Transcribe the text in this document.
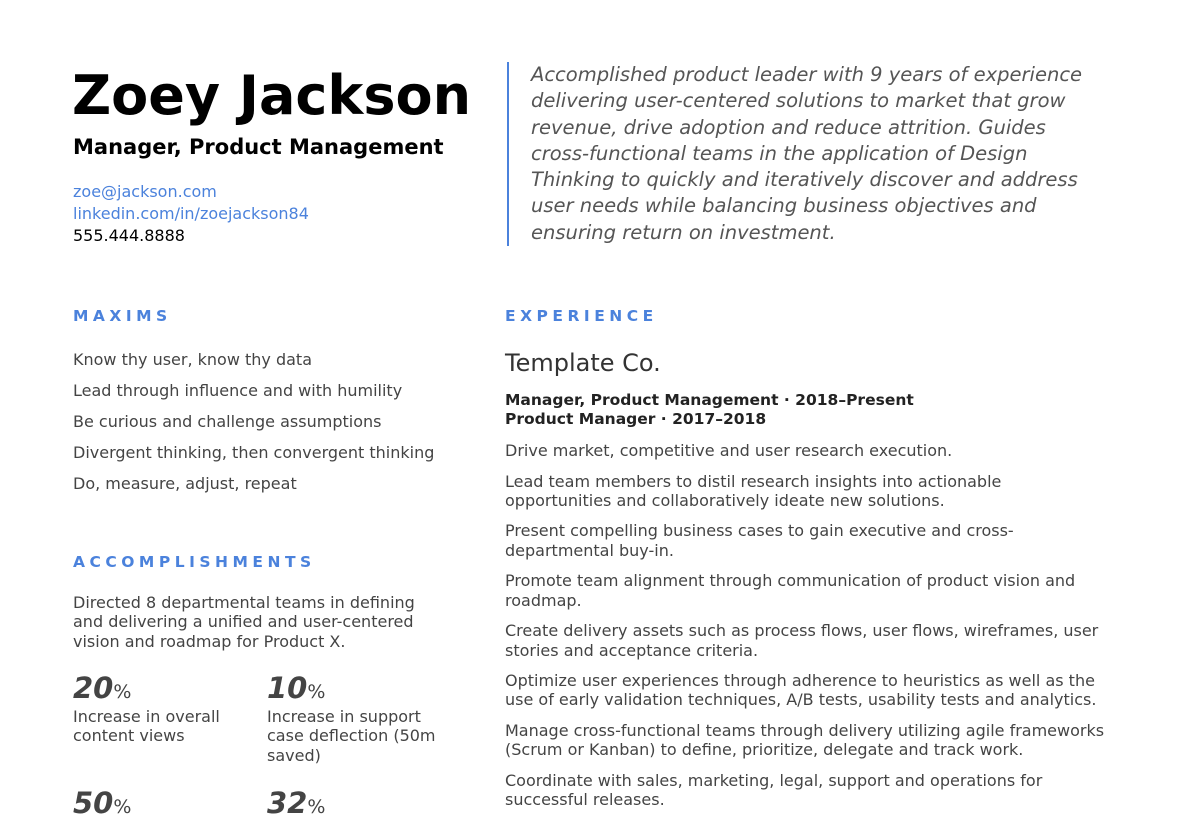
Zoey Jackson
Manager, Product Management
zoe@jackson.com
linkedin.com/in/zoejackson84
555.444.8888
Accomplished product leader with 9 years of experience delivering user-centered solutions to market that grow revenue, drive adoption and reduce attrition. Guides cross-functional teams in the application of Design Thinking to quickly and iteratively discover and address user needs while balancing business objectives and ensuring return on investment.
MAXIMS
Know thy user, know thy data
Lead through influence and with humility
Be curious and challenge assumptions
Divergent thinking, then convergent thinking
Do, measure, adjust, repeat
ACCOMPLISHMENTS
Directed 8 departmental teams in defining and delivering a unified and user-centered vision and roadmap for Product X.
20%
Increase in overall content views
10%
Increase in support case deflection (50m saved)
50%	32%
EXPERIENCE
Template Co.
Manager, Product Management · 2018–Present
Product Manager · 2017–2018
Drive market, competitive and user research execution.
Lead team members to distil research insights into actionable opportunities and collaboratively ideate new solutions.
Present compelling business cases to gain executive and cross-departmental buy-in.
Promote team alignment through communication of product vision and roadmap.
Create delivery assets such as process flows, user flows, wireframes, user stories and acceptance criteria.
Optimize user experiences through adherence to heuristics as well as the use of early validation techniques, A/B tests, usability tests and analytics.
Manage cross-functional teams through delivery utilizing agile frameworks (Scrum or Kanban) to define, prioritize, delegate and track work.
Coordinate with sales, marketing, legal, support and operations for successful releases.
